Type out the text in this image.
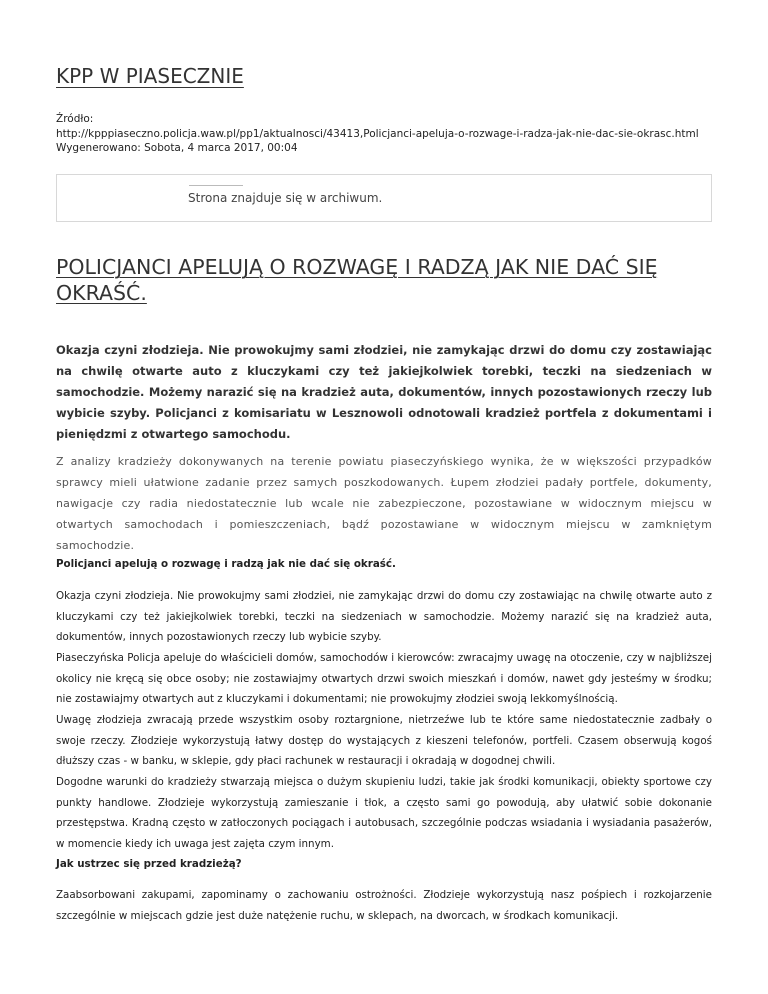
KPP W PIASECZNIE
Źródło:
http://kpppiaseczno.policja.waw.pl/pp1/aktualnosci/43413,Policjanci-apeluja-o-rozwage-i-radza-jak-nie-dac-sie-okrasc.html
Wygenerowano: Sobota, 4 marca 2017, 00:04
Strona znajduje się w archiwum.
POLICJANCI APELUJĄ O ROZWAGĘ I RADZĄ JAK NIE DAĆ SIĘ OKRAŚĆ.

Okazja czyni złodzieja. Nie prowokujmy sami złodziei, nie zamykając drzwi do domu czy zostawiając na chwilę otwarte auto z kluczykami czy też jakiejkolwiek torebki, teczki na siedzeniach w samochodzie. Możemy narazić się na kradzież auta, dokumentów, innych pozostawionych rzeczy lub wybicie szyby. Policjanci z komisariatu w Lesznowoli odnotowali kradzież portfela z dokumentami i pieniędzmi z otwartego samochodu.

Z analizy kradzieży dokonywanych na terenie powiatu piaseczyńskiego wynika, że w większości przypadków sprawcy mieli ułatwione zadanie przez samych poszkodowanych. Łupem złodziei padały portfele, dokumenty, nawigacje czy radia niedostatecznie lub wcale nie zabezpieczone, pozostawiane w widocznym miejscu w otwartych samochodach i pomieszczeniach, bądź pozostawiane w widocznym miejscu w zamkniętym samochodzie.

Policjanci apelują o rozwagę i radzą jak nie dać się okraść.

Okazja czyni złodzieja. Nie prowokujmy sami złodziei, nie zamykając drzwi do domu czy zostawiając na chwilę otwarte auto z kluczykami czy też jakiejkolwiek torebki, teczki na siedzeniach w samochodzie. Możemy narazić się na kradzież auta, dokumentów, innych pozostawionych rzeczy lub wybicie szyby.

Piaseczyńska Policja apeluje do właścicieli domów, samochodów i kierowców: zwracajmy uwagę na otoczenie, czy w najbliższej okolicy nie kręcą się obce osoby; nie zostawiajmy otwartych drzwi swoich mieszkań i domów, nawet gdy jesteśmy w środku; nie zostawiajmy otwartych aut z kluczykami i dokumentami; nie prowokujmy złodziei swoją lekkomyślnością.

Uwagę złodzieja zwracają przede wszystkim osoby roztargnione, nietrzeźwe lub te które same niedostatecznie zadbały o swoje rzeczy. Złodzieje wykorzystują łatwy dostęp do wystających z kieszeni telefonów, portfeli. Czasem obserwują kogoś dłuższy czas - w banku, w sklepie, gdy płaci rachunek w restauracji i okradają w dogodnej chwili.

Dogodne warunki do kradzieży stwarzają miejsca o dużym skupieniu ludzi, takie jak środki komunikacji, obiekty sportowe czy punkty handlowe. Złodzieje wykorzystują zamieszanie i tłok, a często sami go powodują, aby ułatwić sobie dokonanie przestępstwa. Kradną często w zatłoczonych pociągach i autobusach, szczególnie podczas wsiadania i wysiadania pasażerów, w momencie kiedy ich uwaga jest zajęta czym innym.

Jak ustrzec się przed kradzieżą?

Zaabsorbowani zakupami, zapominamy o zachowaniu ostrożności. Złodzieje wykorzystują nasz pośpiech i rozkojarzenie szczególnie w miejscach gdzie jest duże natężenie ruchu, w sklepach, na dworcach, w środkach komunikacji.
